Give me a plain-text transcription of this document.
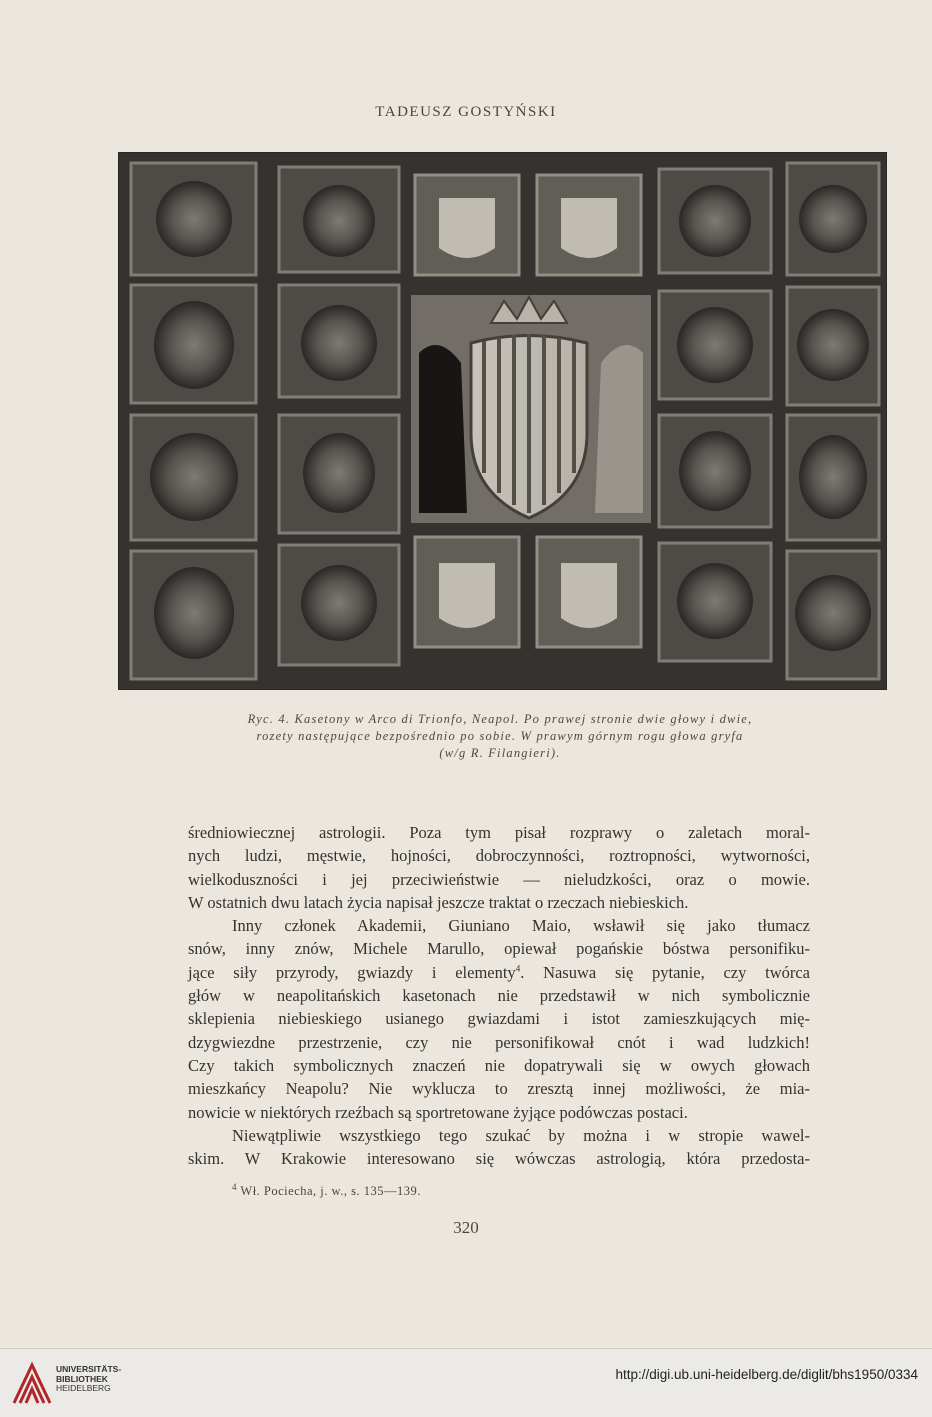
TADEUSZ GOSTYŃSKI
Ryc. 4. Kasetony w Arco di Trionfo, Neapol. Po prawej stronie dwie głowy i dwie,
rozety następujące bezpośrednio po sobie. W prawym górnym rogu głowa gryfa
(w/g R. Filangieri).
średniowiecznej astrologii. Poza tym pisał rozprawy o zaletach moral-
nych ludzi, męstwie, hojności, dobroczynności, roztropności, wytworności,
wielkoduszności i jej przeciwieństwie — nieludzkości, oraz o mowie.
W ostatnich dwu latach życia napisał jeszcze traktat o rzeczach niebieskich.
Inny członek Akademii, Giuniano Maio, wsławił się jako tłumacz
snów, inny znów, Michele Marullo, opiewał pogańskie bóstwa personifiku-
jące siły przyrody, gwiazdy i elementy$^4$. Nasuwa się pytanie, czy twórca
głów w neapolitańskich kasetonach nie przedstawił w nich symbolicznie
sklepienia niebieskiego usianego gwiazdami i istot zamieszkujących mię-
dzygwiezdne przestrzenie, czy nie personifikował cnót i wad ludzkich!
Czy takich symbolicznych znaczeń nie dopatrywali się w owych głowach
mieszkańcy Neapolu? Nie wyklucza to zresztą innej możliwości, że mia-
nowicie w niektórych rzeźbach są sportretowane żyjące podówczas postaci.
Niewątpliwie wszystkiego tego szukać by można i w stropie wawel-
skim. W Krakowie interesowano się wówczas astrologią, która przedosta-
$^4$ Wł. Pociecha, j. w., s. 135—139.
320
UNIVERSITÄTS-
BIBLIOTHEK
HEIDELBERG
http://digi.ub.uni-heidelberg.de/diglit/bhs1950/0334
